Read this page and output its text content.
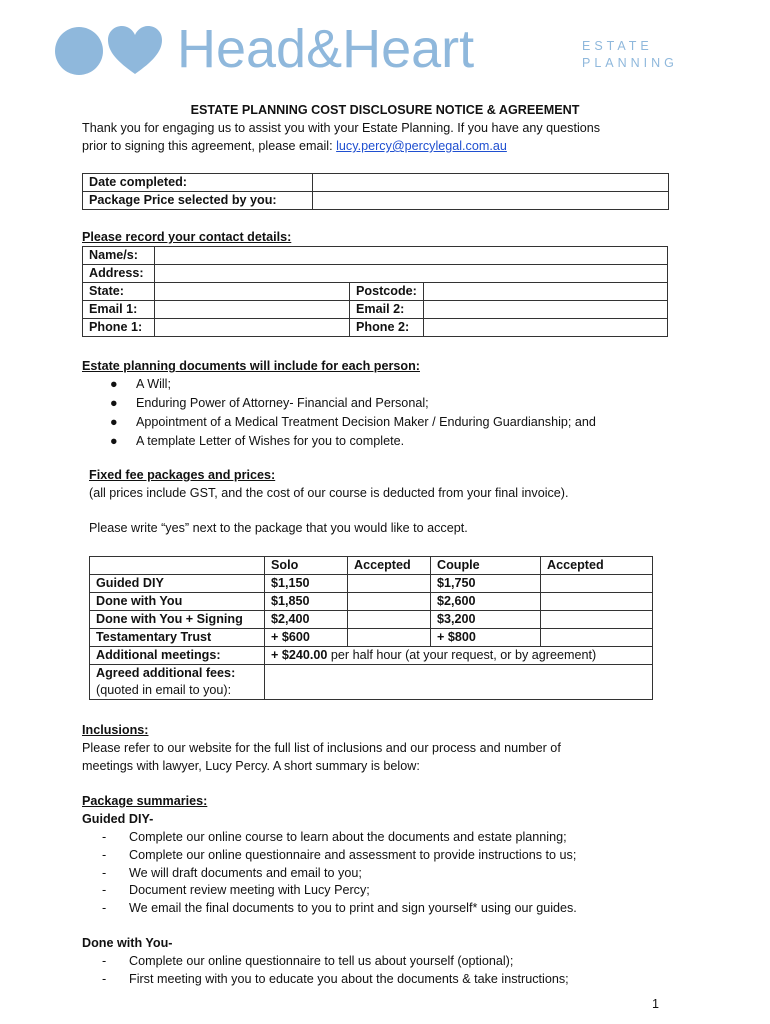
Head&Heart	ESTATE
PLANNING
ESTATE PLANNING COST DISCLOSURE NOTICE & AGREEMENT
Thank you for engaging us to assist you with your Estate Planning. If you have any questions
prior to signing this agreement, please email: lucy.percy@percylegal.com.au
Date completed:	
Package Price selected by you:	
Please record your contact details:
Name/s:			
Address:			
State:		Postcode:	
Email 1:		Email 2:	
Phone 1:		Phone 2:	
Estate planning documents will include for each person:
● A Will;
● Enduring Power of Attorney- Financial and Personal;
● Appointment of a Medical Treatment Decision Maker / Enduring Guardianship; and
● A template Letter of Wishes for you to complete.
Fixed fee packages and prices:
(all prices include GST, and the cost of our course is deducted from your final invoice).
Please write “yes” next to the package that you would like to accept.
	Solo	Accepted	Couple	Accepted
Guided DIY	$1,150		$1,750	
Done with You	$1,850		$2,600	
Done with You + Signing	$2,400		$3,200	
Testamentary Trust	+ $600		+ $800	
Additional meetings:	+ $240.00 per half hour (at your request, or by agreement)			

Agreed additional fees:
(quoted in email to you):				

Inclusions:
Please refer to our website for the full list of inclusions and our process and number of
meetings with lawyer, Lucy Percy. A short summary is below:
Package summaries:
Guided DIY-
- Complete our online course to learn about the documents and estate planning;
- Complete our online questionnaire and assessment to provide instructions to us;
- We will draft documents and email to you;
- Document review meeting with Lucy Percy;
- We email the final documents to you to print and sign yourself* using our guides.
Done with You-
- Complete our online questionnaire to tell us about yourself (optional);
- First meeting with you to educate you about the documents & take instructions;
1
